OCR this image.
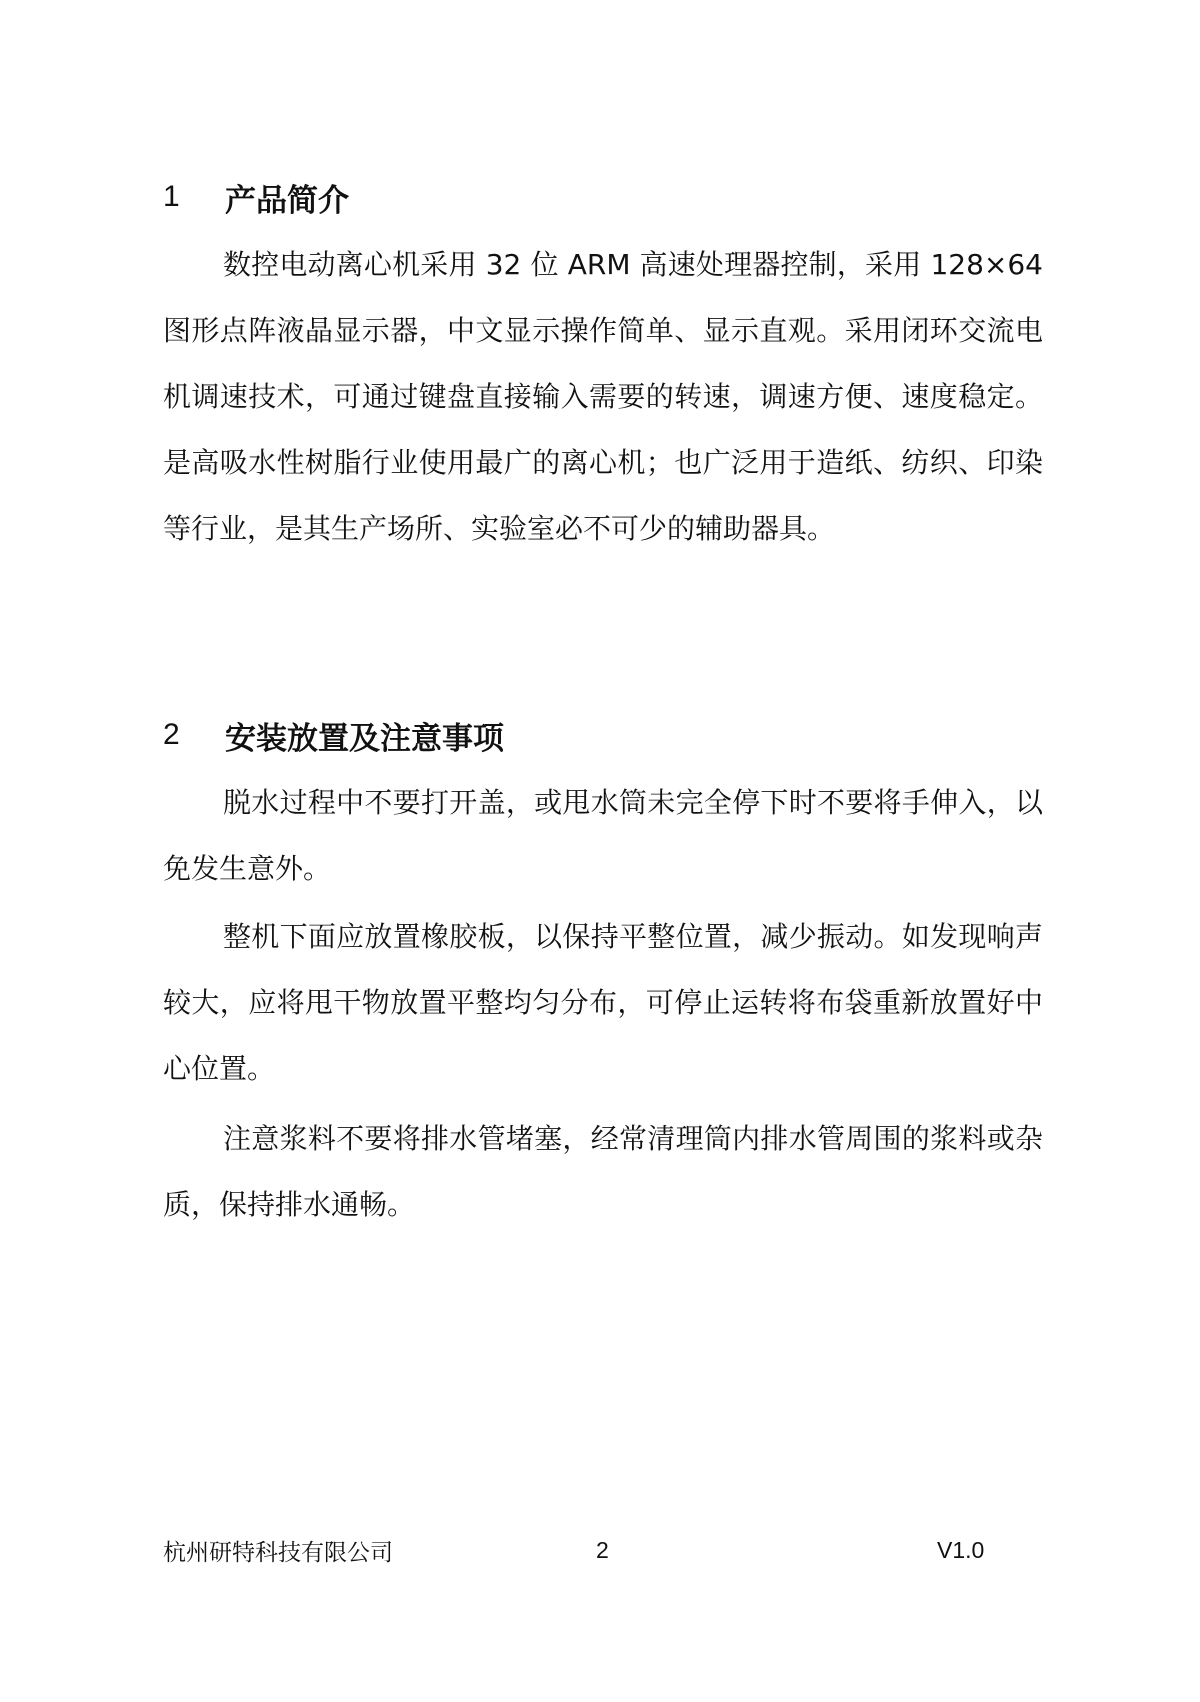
1	产品简介

数控电动离心机采用 32 位 ARM 高速处理器控制，采用 128×64 图形点阵液晶显示器，中文显示操作简单、显示直观。采用闭环交流电机调速技术，可通过键盘直接输入需要的转速，调速方便、速度稳定。是高吸水性树脂行业使用最广的离心机；也广泛用于造纸、纺织、印染等行业，是其生产场所、实验室必不可少的辅助器具。

2	安装放置及注意事项

脱水过程中不要打开盖，或甩水筒未完全停下时不要将手伸入，以免发生意外。

整机下面应放置橡胶板，以保持平整位置，减少振动。如发现响声较大，应将甩干物放置平整均匀分布，可停止运转将布袋重新放置好中心位置。

注意浆料不要将排水管堵塞，经常清理筒内排水管周围的浆料或杂质，保持排水通畅。

杭州研特科技有限公司	2	V1.0
